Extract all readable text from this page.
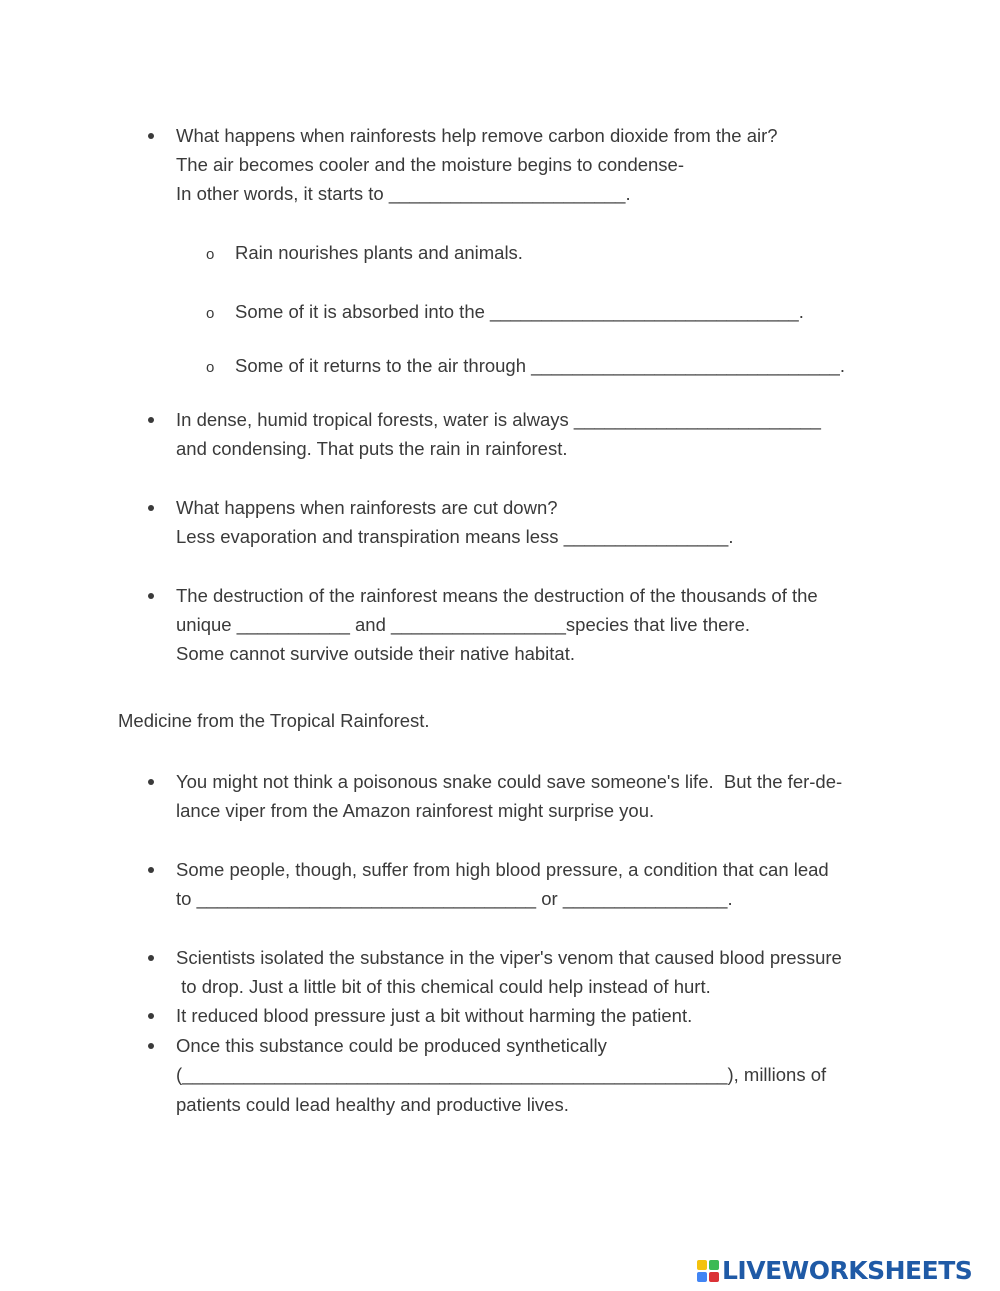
What happens when rainforests help remove carbon dioxide from the air?
The air becomes cooler and the moisture begins to condense-
In other words, it starts to _______________________.
o Rain nourishes plants and animals.
o Some of it is absorbed into the ______________________________.
o Some of it returns to the air through ______________________________.
In dense, humid tropical forests, water is always ________________________
and condensing. That puts the rain in rainforest.
What happens when rainforests are cut down?
Less evaporation and transpiration means less ________________.
The destruction of the rainforest means the destruction of the thousands of the
unique ___________ and _________________species that live there.
Some cannot survive outside their native habitat.
Medicine from the Tropical Rainforest.
You might not think a poisonous snake could save someone's life.  But the fer-de-
lance viper from the Amazon rainforest might surprise you.
Some people, though, suffer from high blood pressure, a condition that can lead
to _________________________________ or ________________.
Scientists isolated the substance in the viper's venom that caused blood pressure
to drop. Just a little bit of this chemical could help instead of hurt.
It reduced blood pressure just a bit without harming the patient.
Once this substance could be produced synthetically
(_____________________________________________________), millions of
patients could lead healthy and productive lives.
LIVEWORKSHEETS
